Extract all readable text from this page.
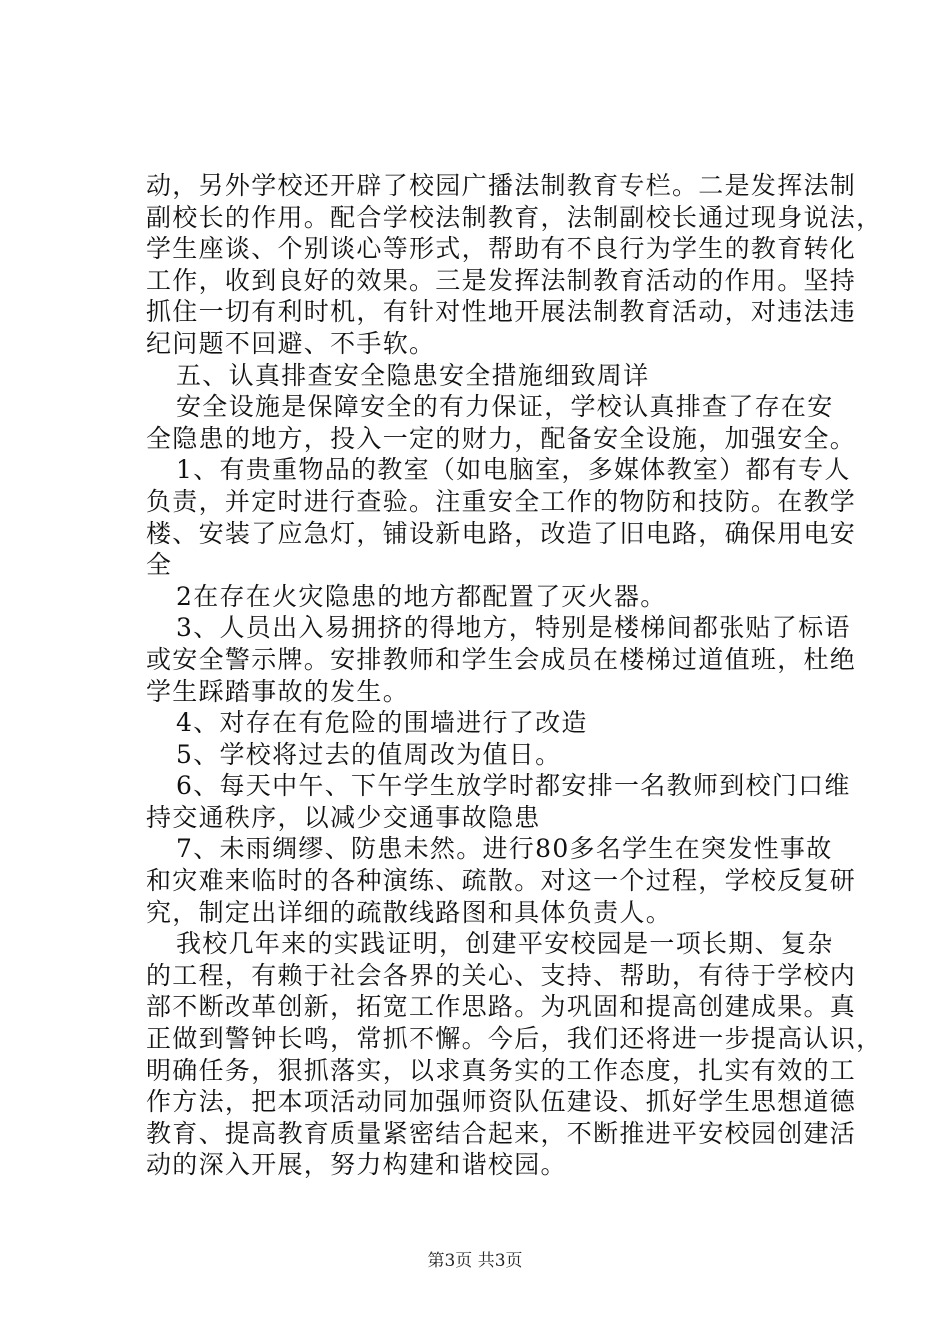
动，另外学校还开辟了校园广播法制教育专栏。二是发挥法制
副校长的作用。配合学校法制教育，法制副校长通过现身说法，
学生座谈、个别谈心等形式，帮助有不良行为学生的教育转化
工作，收到良好的效果。三是发挥法制教育活动的作用。坚持
抓住一切有利时机，有针对性地开展法制教育活动，对违法违
纪问题不回避、不手软。
五、认真排查安全隐患安全措施细致周详
安全设施是保障安全的有力保证，学校认真排查了存在安
全隐患的地方，投入一定的财力，配备安全设施，加强安全。
1、有贵重物品的教室（如电脑室，多媒体教室）都有专人
负责，并定时进行查验。注重安全工作的物防和技防。在教学
楼、安装了应急灯，铺设新电路，改造了旧电路，确保用电安
全
2在存在火灾隐患的地方都配置了灭火器。
3、人员出入易拥挤的得地方，特别是楼梯间都张贴了标语
或安全警示牌。安排教师和学生会成员在楼梯过道值班，杜绝
学生踩踏事故的发生。
4、对存在有危险的围墙进行了改造
5、学校将过去的值周改为值日。
6、每天中午、下午学生放学时都安排一名教师到校门口维
持交通秩序，以减少交通事故隐患
7、未雨绸缪、防患未然。进行80多名学生在突发性事故
和灾难来临时的各种演练、疏散。对这一个过程，学校反复研
究，制定出详细的疏散线路图和具体负责人。
我校几年来的实践证明，创建平安校园是一项长期、复杂
的工程，有赖于社会各界的关心、支持、帮助，有待于学校内
部不断改革创新，拓宽工作思路。为巩固和提高创建成果。真
正做到警钟长鸣，常抓不懈。今后，我们还将进一步提高认识，
明确任务，狠抓落实，以求真务实的工作态度，扎实有效的工
作方法，把本项活动同加强师资队伍建设、抓好学生思想道德
教育、提高教育质量紧密结合起来，不断推进平安校园创建活
动的深入开展，努力构建和谐校园。
第3页 共3页
